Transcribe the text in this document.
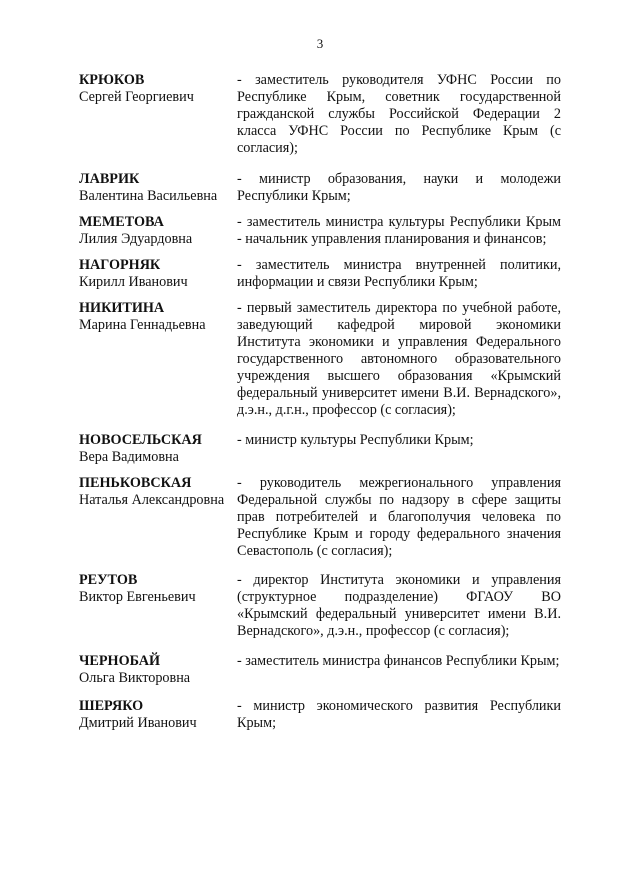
3
КРЮКОВ
Сергей Георгиевич
- заместитель руководителя УФНС России по Республике Крым, советник государственной гражданской службы Российской Федерации 2 класса УФНС России по Республике Крым (с согласия);
ЛАВРИК
Валентина Васильевна
- министр образования, науки и молодежи Республики Крым;
МЕМЕТОВА
Лилия Эдуардовна
- заместитель министра культуры Республики Крым - начальник управления планирования и финансов;
НАГОРНЯК
Кирилл Иванович
- заместитель министра внутренней политики, информации и связи Республики Крым;
НИКИТИНА
Марина Геннадьевна
- первый заместитель директора по учебной работе, заведующий кафедрой мировой экономики Института экономики и управления Федерального государственного автономного образовательного учреждения высшего образования «Крымский федеральный университет имени В.И. Вернадского», д.э.н., д.г.н., профессор (с согласия);
НОВОСЕЛЬСКАЯ
Вера Вадимовна
- министр культуры Республики Крым;
ПЕНЬКОВСКАЯ
Наталья Александровна
- руководитель межрегионального управления Федеральной службы по надзору в сфере защиты прав потребителей и благополучия человека по Республике Крым и городу федерального значения Севастополь (с согласия);
РЕУТОВ
Виктор Евгеньевич
- директор Института экономики и управления (структурное подразделение) ФГАОУ ВО «Крымский федеральный университет имени В.И. Вернадского», д.э.н., профессор (с согласия);
ЧЕРНОБАЙ
Ольга Викторовна
- заместитель министра финансов Республики Крым;
ШЕРЯКО
Дмитрий Иванович
- министр экономического развития Республики Крым;
